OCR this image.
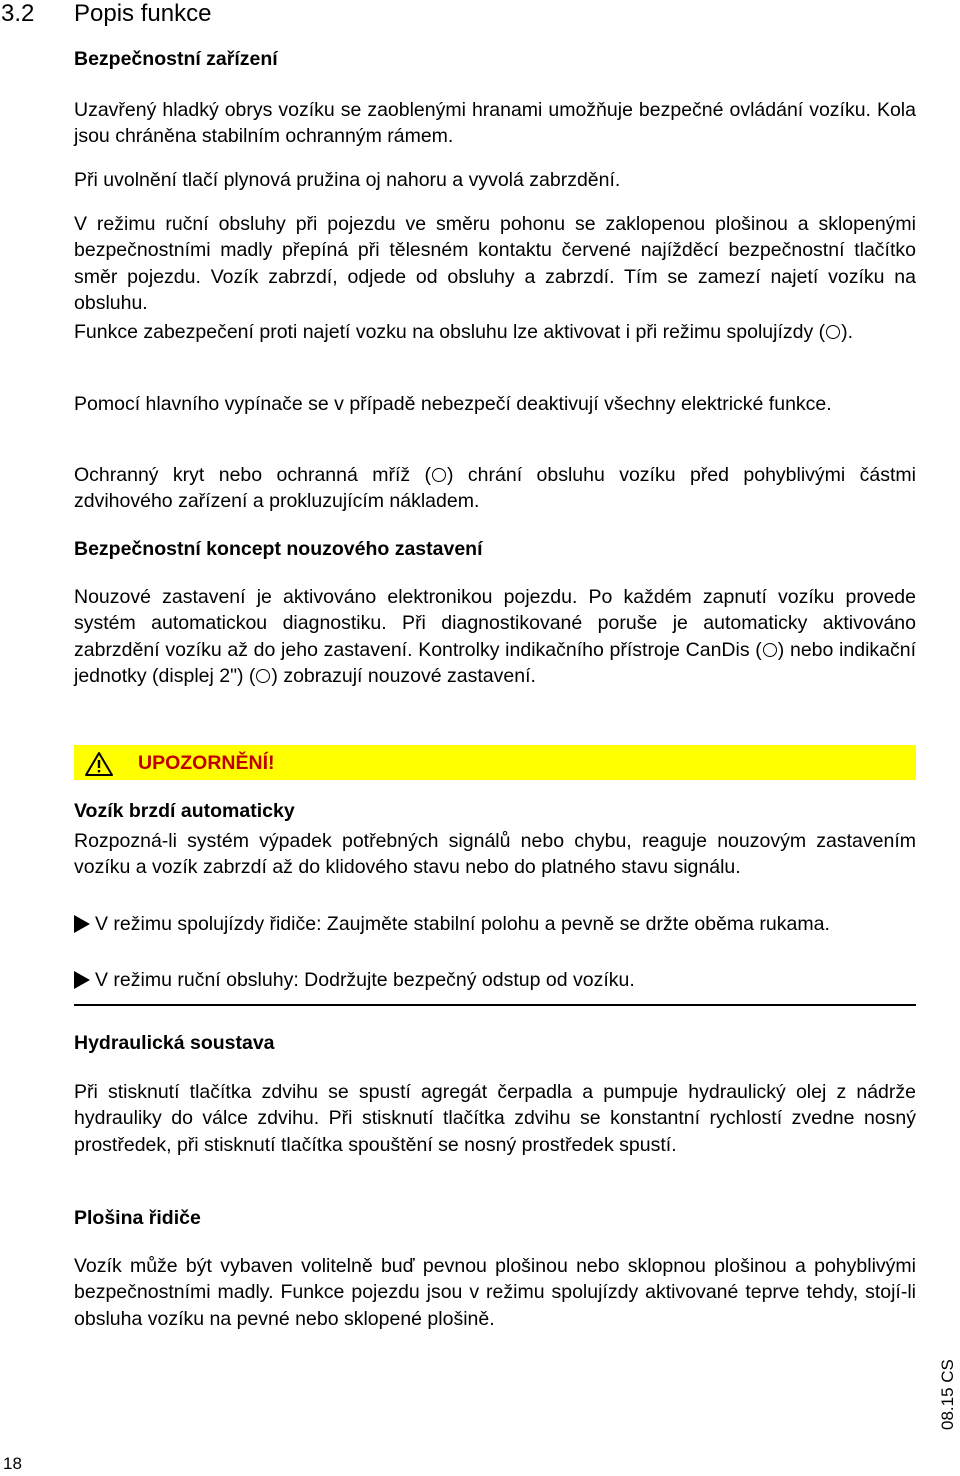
3.2 Popis funkce
Bezpečnostní zařízení

Uzavřený hladký obrys vozíku se zaoblenými hranami umožňuje bezpečné ovládání vozíku. Kola jsou chráněna stabilním ochranným rámem.

Při uvolnění tlačí plynová pružina oj nahoru a vyvolá zabrzdění.

V režimu ruční obsluhy při pojezdu ve směru pohonu se zaklopenou plošinou a sklopenými bezpečnostními madly přepíná při tělesném kontaktu červené najížděcí bezpečnostní tlačítko směr pojezdu. Vozík zabrzdí, odjede od obsluhy a zabrzdí. Tím se zamezí najetí vozíku na obsluhu.

Funkce zabezpečení proti najetí vozku na obsluhu lze aktivovat i při režimu spolujízdy ( ).

Pomocí hlavního vypínače se v případě nebezpečí deaktivují všechny elektrické funkce.

Ochranný kryt nebo ochranná mříž ( ) chrání obsluhu vozíku před pohyblivými částmi zdvihového zařízení a prokluzujícím nákladem.

Bezpečnostní koncept nouzového zastavení

Nouzové zastavení je aktivováno elektronikou pojezdu. Po každém zapnutí vozíku provede systém automatickou diagnostiku. Při diagnostikované poruše je automaticky aktivováno zabrzdění vozíku až do jeho zastavení. Kontrolky indikačního přístroje CanDis ( ) nebo indikační jednotky (displej 2") ( ) zobrazují nouzové zastavení.

UPOZORNĚNÍ!
Vozík brzdí automaticky

Rozpozná-li systém výpadek potřebných signálů nebo chybu, reaguje nouzovým zastavením vozíku a vozík zabrzdí až do klidového stavu nebo do platného stavu signálu.

V režimu spolujízdy řidiče: Zaujměte stabilní polohu a pevně se držte oběma rukama.

V režimu ruční obsluhy: Dodržujte bezpečný odstup od vozíku.

Hydraulická soustava

Při stisknutí tlačítka zdvihu se spustí agregát čerpadla a pumpuje hydraulický olej z nádrže hydrauliky do válce zdvihu. Při stisknutí tlačítka zdvihu se konstantní rychlostí zvedne nosný prostředek, při stisknutí tlačítka spouštění se nosný prostředek spustí.

Plošina řidiče

Vozík může být vybaven volitelně buď pevnou plošinou nebo sklopnou plošinou a pohyblivými bezpečnostními madly. Funkce pojezdu jsou v režimu spolujízdy aktivované teprve tehdy, stojí-li obsluha vozíku na pevné nebo sklopené plošině.

08.15 CS
18
